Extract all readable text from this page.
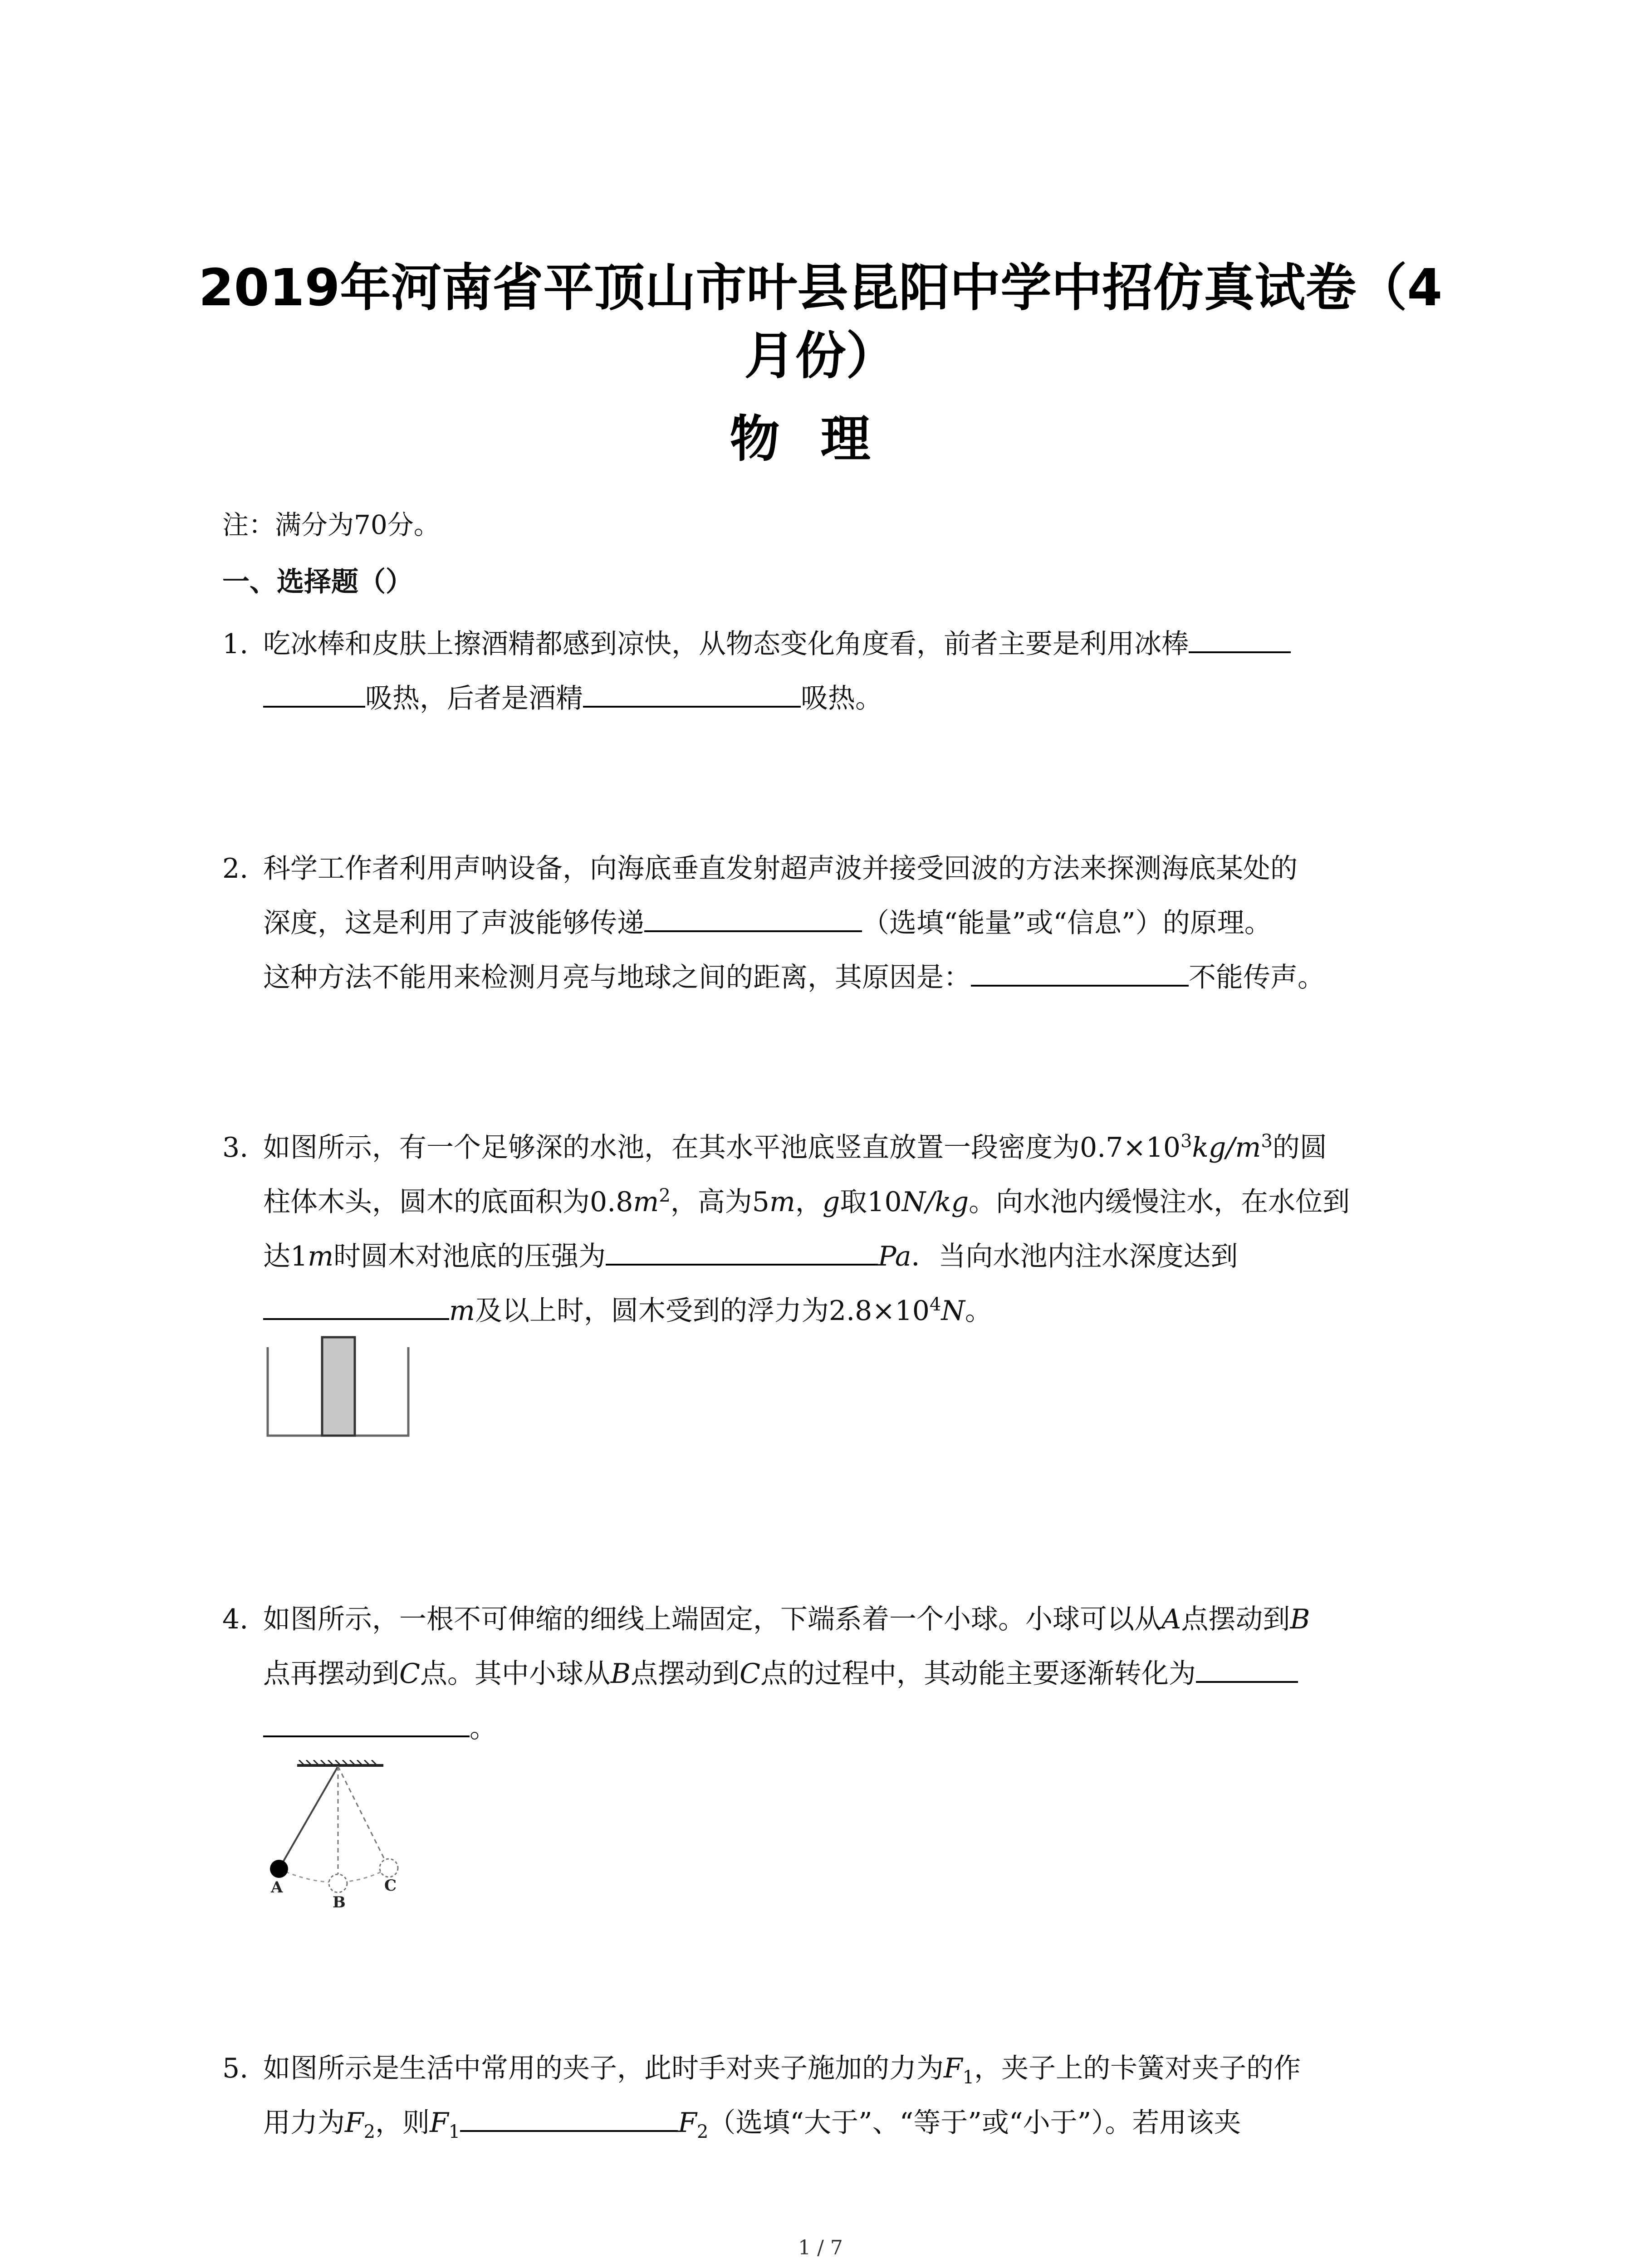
2019年河南省平顶山市叶县昆阳中学中招仿真试卷（4
月份）
物理
注：满分为70分。
一、选择题（）
1. 吃冰棒和皮肤上擦酒精都感到凉快，从物态变化角度看，前者主要是利用冰棒
吸热，后者是酒精	吸热。
2. 科学工作者利用声呐设备，向海底垂直发射超声波并接受回波的方法来探测海底某处的
深度，这是利用了声波能够传递	（选填“能量”或“信息”）的原理。
这种方法不能用来检测月亮与地球之间的距离，其原因是：	不能传声。
3. 如图所示，有一个足够深的水池，在其水平池底竖直放置一段密度为$0.7\times 10^3kg/m^3$的圆
柱体木头，圆木的底面积为$0.8m^2$，高为5m，g取10N/kg。向水池内缓慢注水，在水位到
达1m时圆木对池底的压强为	Pa．当向水池内注水深度达到
m及以上时，圆木受到的浮力为$2.8\times 10^4N$。
4. 如图所示，一根不可伸缩的细线上端固定，下端系着一个小球。小球可以从A点摆动到B
点再摆动到C点。其中小球从B点摆动到C点的过程中，其动能主要逐渐转化为
。
A
B
C
5. 如图所示是生活中常用的夹子，此时手对夹子施加的力为$F_1$，夹子上的卡簧对夹子的作
用力为$F_2$，则$F_1$	$F_2$（选填“大于”、“等于”或“小于”）。若用该夹
1 / 7
